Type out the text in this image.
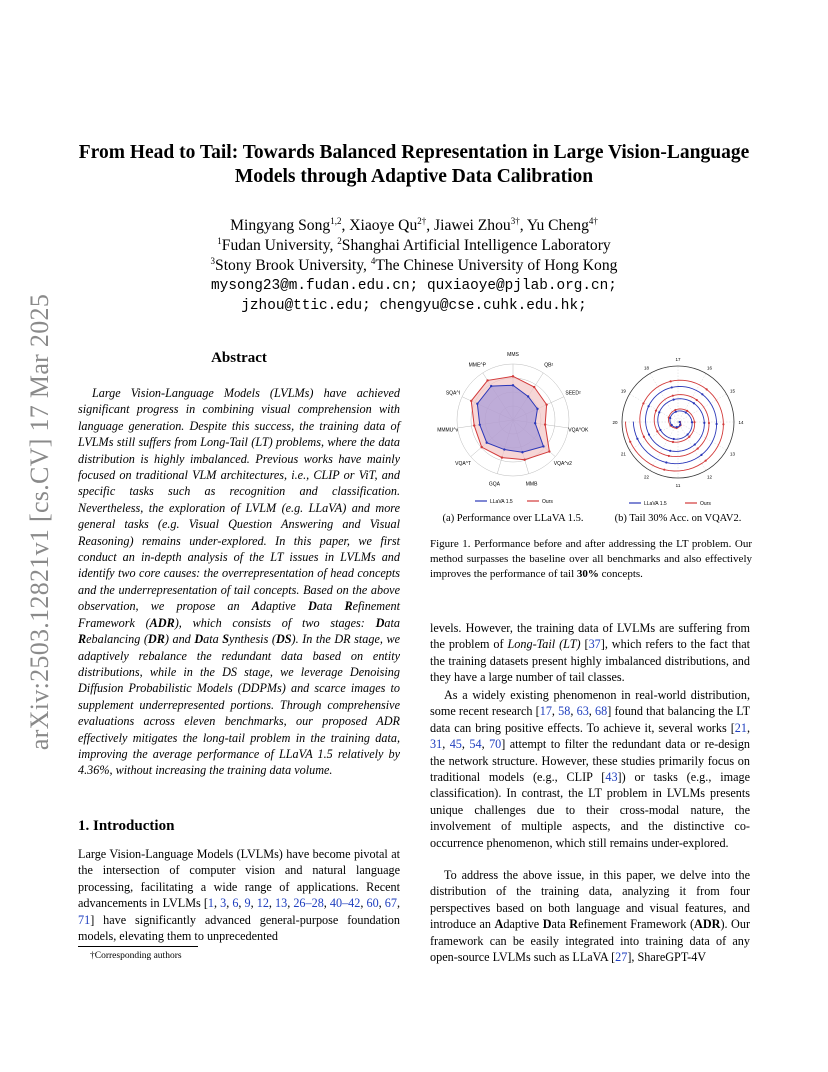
arXiv:2503.12821v1 [cs.CV] 17 Mar 2025
From Head to Tail: Towards Balanced Representation in Large Vision-Language Models through Adaptive Data Calibration
Mingyang Song$^{1,2}$, Xiaoye $Qu^{2\dagger}$, Jiawei Zhou$^{3\dagger}$, Yu Cheng$^{4\dagger}$
$^1$Fudan University, $^2$Shanghai Artificial Intelligence Laboratory
$^3$Stony Brook University, $^4$The Chinese University of Hong Kong
mysong23@m.fudan.edu.cn; quxiaoye@pjlab.org.cn;
jzhou@ttic.edu; chengyu@cse.cuhk.edu.hk;
Abstract
Large Vision-Language Models (LVLMs) have achieved significant progress in combining visual comprehension with language generation. Despite this success, the training data of LVLMs still suffers from Long-Tail (LT) problems, where the data distribution is highly imbalanced. Previous works have mainly focused on traditional VLM architectures, i.e., CLIP or ViT, and specific tasks such as recognition and classification. Nevertheless, the exploration of LVLM (e.g. LLaVA) and more general tasks (e.g. Visual Question Answering and Visual Reasoning) remains under-explored. In this paper, we first conduct an in-depth analysis of the LT issues in LVLMs and identify two core causes: the overrepresentation of head concepts and the underrepresentation of tail concepts. Based on the above observation, we propose an Adaptive Data Refinement Framework (ADR), which consists of two stages: Data Rebalancing (DR) and Data Synthesis (DS). In the DR stage, we adaptively rebalance the redundant data based on entity distributions, while in the DS stage, we leverage Denoising Diffusion Probabilistic Models (DDPMs) and scarce images to supplement underrepresented portions. Through comprehensive evaluations across eleven benchmarks, our proposed ADR effectively mitigates the long-tail problem in the training data, improving the average performance of LLaVA 1.5 relatively by 4.36%, without increasing the training data volume.
1. Introduction
Large Vision-Language Models (LVLMs) have become pivotal at the intersection of computer vision and natural language processing, facilitating a wide range of applications. Recent advancements in LVLMs [1, 3, 6, 9, 12, 13, 26–28, 40–42, 60, 67, 71] have significantly advanced general-purpose foundation models, elevating them to unprecedented
†Corresponding authors
MMS
QB²
SEED²
VQA^OK
VQA^v2
MMB
GQA
VQA^T
MMMU^v
SQA^I
MME^P
LLaVA 1.5	Ours
17
16
15
14
13
12
11
22
21
20
19
18
LLaVA 1.5	Ours
(a) Performance over LLaVA 1.5.	(b) Tail 30% Acc. on VQAV2.
Figure 1. Performance before and after addressing the LT problem. Our method surpasses the baseline over all benchmarks and also effectively improves the performance of tail 30% concepts.
levels. However, the training data of LVLMs are suffering from the problem of Long-Tail (LT) [37], which refers to the fact that the training datasets present highly imbalanced distributions, and they have a large number of tail classes.
As a widely existing phenomenon in real-world distribution, some recent research [17, 58, 63, 68] found that balancing the LT data can bring positive effects. To achieve it, several works [21, 31, 45, 54, 70] attempt to filter the redundant data or re-design the network structure. However, these studies primarily focus on traditional models (e.g., CLIP [43]) or tasks (e.g., image classification). In contrast, the LT problem in LVLMs presents unique challenges due to their cross-modal nature, the involvement of multiple aspects, and the distinctive co-occurrence phenomenon, which still remains under-explored.
To address the above issue, in this paper, we delve into the distribution of the training data, analyzing it from four perspectives based on both language and visual features, and introduce an Adaptive Data Refinement Framework (ADR). Our framework can be easily integrated into training data of any open-source LVLMs such as LLaVA [27], ShareGPT-4V
